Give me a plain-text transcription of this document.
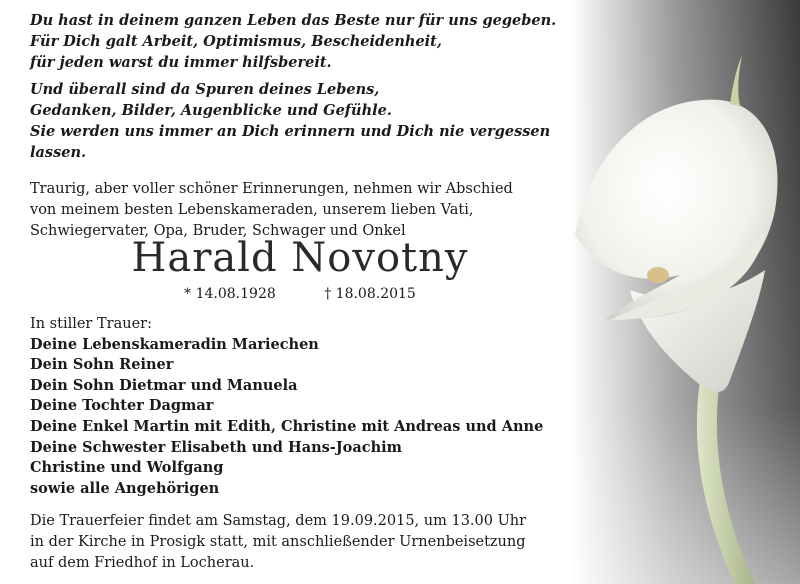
Du hast in deinem ganzen Leben das Beste nur für uns gegeben.
Für Dich galt Arbeit, Optimismus, Bescheidenheit,
für jeden warst du immer hilfsbereit.

Und überall sind da Spuren deines Lebens,
Gedanken, Bilder, Augenblicke und Gefühle.
Sie werden uns immer an Dich erinnern und Dich nie vergessen lassen.

Traurig, aber voller schöner Erinnerungen, nehmen wir Abschied
von meinem besten Lebenskameraden, unserem lieben Vati,
Schwiegervater, Opa, Bruder, Schwager und Onkel
Harald Novotny
* 14.08.1928	† 18.08.2015
In stiller Trauer:
Deine Lebenskameradin Mariechen
Dein Sohn Reiner
Dein Sohn Dietmar und Manuela
Deine Tochter Dagmar
Deine Enkel Martin mit Edith, Christine mit Andreas und Anne
Deine Schwester Elisabeth und Hans-Joachim
Christine und Wolfgang
sowie alle Angehörigen
Die Trauerfeier findet am Samstag, dem 19.09.2015, um 13.00 Uhr
in der Kirche in Prosigk statt, mit anschließender Urnenbeisetzung
auf dem Friedhof in Locherau.
